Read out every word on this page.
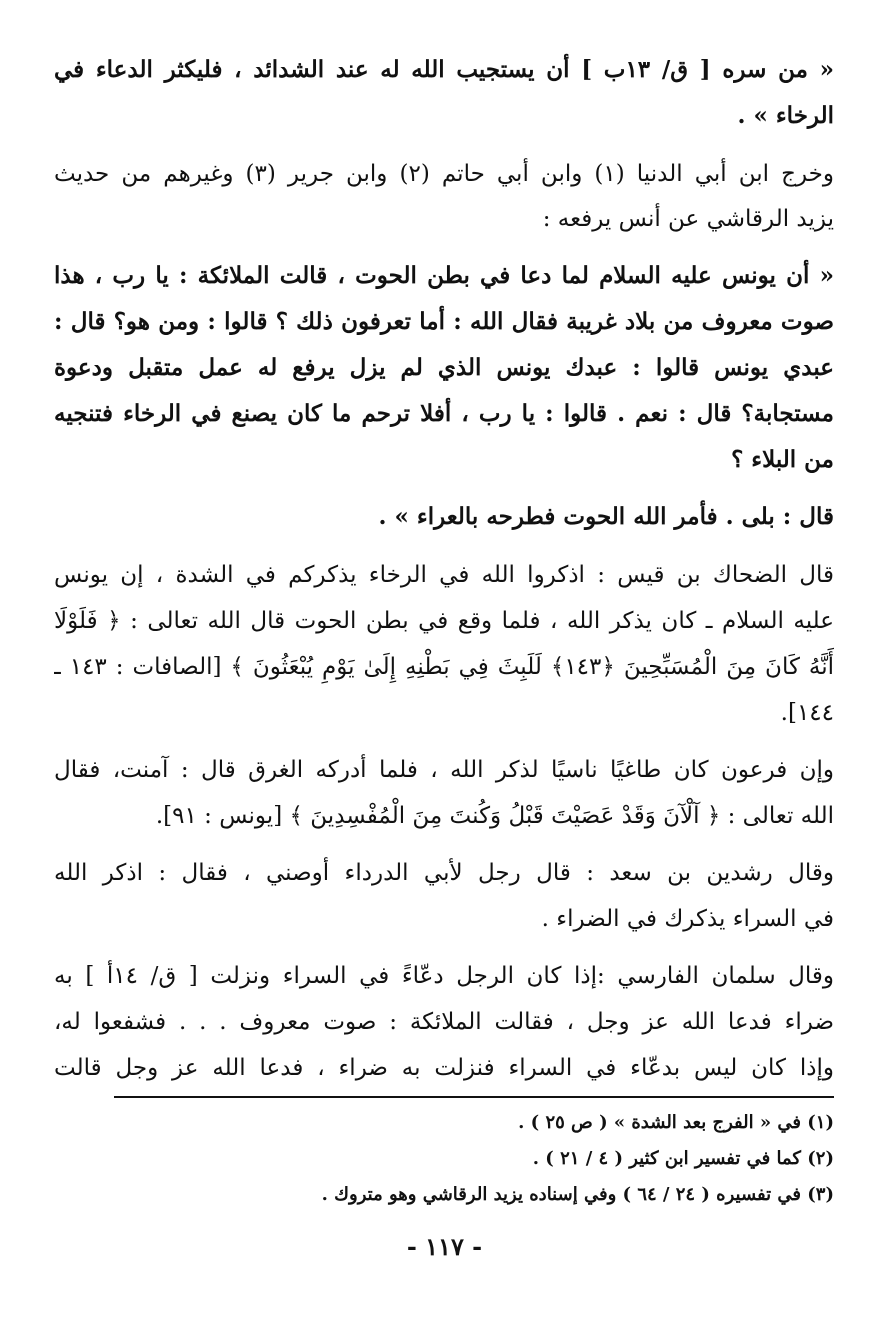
« من سره [ ق/ ١٣ب ] أن يستجيب الله له عند الشدائد ، فليكثر الدعاء في
الرخاء » .
وخرج ابن أبي الدنيا (١) وابن أبي حاتم (٢) وابن جرير (٣) وغيرهم من حديث
يزيد الرقاشي عن أنس يرفعه :
« أن يونس عليه السلام لما دعا في بطن الحوت ، قالت الملائكة : يا رب ، هذا
صوت معروف من بلاد غريبة فقال الله : أما تعرفون ذلك ؟ قالوا : ومن هو؟ قال :
عبدي يونس قالوا : عبدك يونس الذي لم يزل يرفع له عمل متقبل ودعوة
مستجابة؟ قال : نعم . قالوا : يا رب ، أفلا ترحم ما كان يصنع في الرخاء فتنجيه
من البلاء ؟
قال : بلى . فأمر الله الحوت فطرحه بالعراء » .
قال الضحاك بن قيس : اذكروا الله في الرخاء يذكركم في الشدة ، إن يونس
عليه السلام ـ كان يذكر الله ، فلما وقع في بطن الحوت قال الله تعالى : ﴿ فَلَوْلَا
أَنَّهُ كَانَ مِنَ الْمُسَبِّحِينَ ﴿١٤٣﴾ لَلَبِثَ فِي بَطْنِهِ إِلَىٰ يَوْمِ يُبْعَثُونَ ﴾ [الصافات : ١٤٣ ـ
١٤٤].
وإن فرعون كان طاغيًا ناسيًا لذكر الله ، فلما أدركه الغرق قال : آمنت، فقال
الله تعالى : ﴿ آلْآنَ وَقَدْ عَصَيْتَ قَبْلُ وَكُنتَ مِنَ الْمُفْسِدِينَ ﴾ [يونس : ٩١].
وقال رشدين بن سعد : قال رجل لأبي الدرداء أوصني ، فقال : اذكر الله
في السراء يذكرك في الضراء .
وقال سلمان الفارسي :إذا كان الرجل دعّاءً في السراء ونزلت [ ق/ ١٤أ ] به
ضراء فدعا الله عز وجل ، فقالت الملائكة : صوت معروف . . . فشفعوا له،
وإذا كان ليس بدعّاء في السراء فنزلت به ضراء ، فدعا الله عز وجل قالت
(١) في « الفرج بعد الشدة » ( ص ٢٥ ) .
(٢) كما في تفسير ابن كثير ( ٤ / ٢١ ) .
(٣) في تفسيره ( ٢٤ / ٦٤ ) وفي إسناده يزيد الرقاشي وهو متروك .
- ١١٧ -
